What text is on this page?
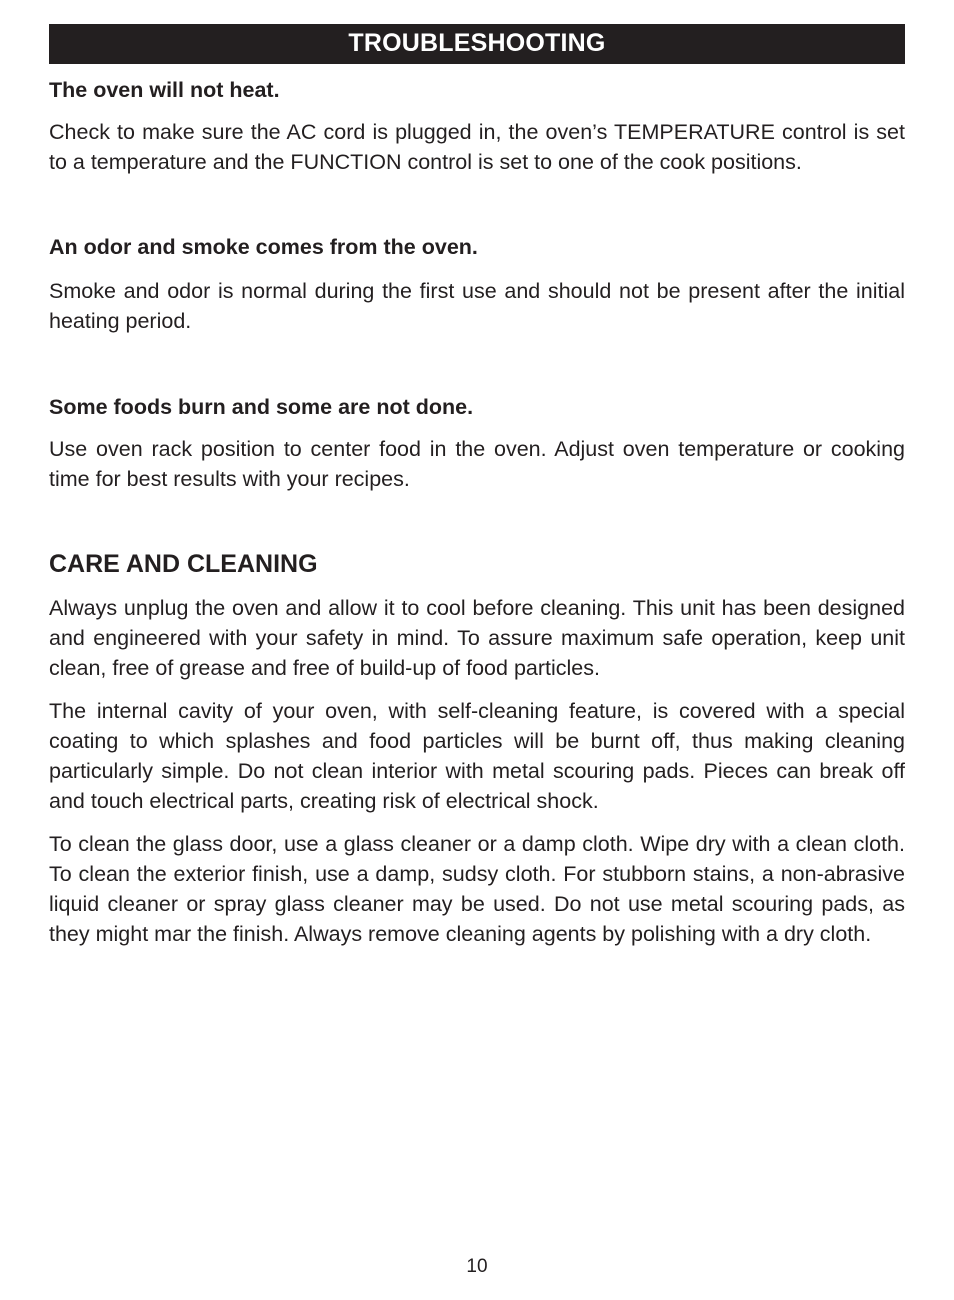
TROUBLESHOOTING

The oven will not heat.

Check to make sure the AC cord is plugged in, the oven’s TEMPERATURE control is set to a temperature and the FUNCTION control is set to one of the cook positions.

An odor and smoke comes from the oven.

Smoke and odor is normal during the first use and should not be present after the initial heating period.

Some foods burn and some are not done.

Use oven rack position to center food in the oven. Adjust oven temperature or cooking time for best results with your recipes.

CARE AND CLEANING

Always unplug the oven and allow it to cool before cleaning. This unit has been designed and engineered with your safety in mind. To assure maximum safe operation, keep unit clean, free of grease and free of build-up of food particles.

The internal cavity of your oven, with self-cleaning feature, is covered with a special coating to which splashes and food particles will be burnt off, thus making cleaning particularly simple. Do not clean interior with metal scouring pads. Pieces can break off and touch electrical parts, creating risk of electrical shock.

To clean the glass door, use a glass cleaner or a damp cloth. Wipe dry with a clean cloth. To clean the exterior finish, use a damp, sudsy cloth. For stubborn stains, a non-abrasive liquid cleaner or spray glass cleaner may be used. Do not use metal scouring pads, as they might mar the finish. Always remove cleaning agents by polishing with a dry cloth.

10
